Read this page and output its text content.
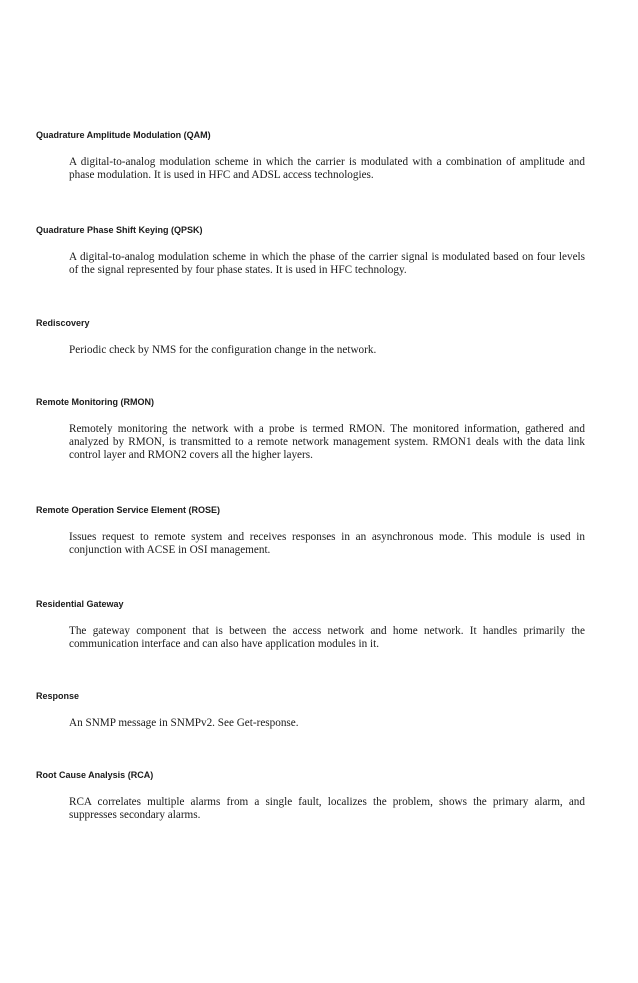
Quadrature Amplitude Modulation (QAM)

A digital-to-analog modulation scheme in which the carrier is modulated with a combination of amplitude and phase modulation. It is used in HFC and ADSL access technologies.

Quadrature Phase Shift Keying (QPSK)

A digital-to-analog modulation scheme in which the phase of the carrier signal is modulated based on four levels of the signal represented by four phase states. It is used in HFC technology.

Rediscovery

Periodic check by NMS for the configuration change in the network.

Remote Monitoring (RMON)

Remotely monitoring the network with a probe is termed RMON. The monitored information, gathered and analyzed by RMON, is transmitted to a remote network management system. RMON1 deals with the data link control layer and RMON2 covers all the higher layers.

Remote Operation Service Element (ROSE)

Issues request to remote system and receives responses in an asynchronous mode. This module is used in conjunction with ACSE in OSI management.

Residential Gateway

The gateway component that is between the access network and home network. It handles primarily the communication interface and can also have application modules in it.

Response

An SNMP message in SNMPv2. See Get-response.

Root Cause Analysis (RCA)

RCA correlates multiple alarms from a single fault, localizes the problem, shows the primary alarm, and suppresses secondary alarms.
